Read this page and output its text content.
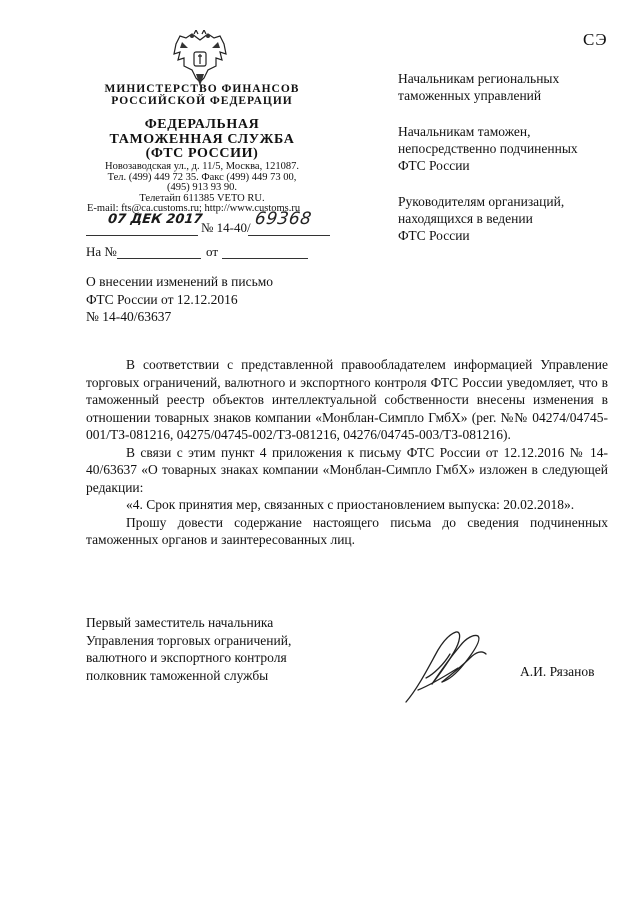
СЭ
МИНИСТЕРСТВО ФИНАНСОВ
РОССИЙСКОЙ ФЕДЕРАЦИИ
ФЕДЕРАЛЬНАЯ
ТАМОЖЕННАЯ СЛУЖБА
(ФТС РОССИИ)
Новозаводская ул., д. 11/5, Москва, 121087.
Тел. (499) 449 72 35. Факс (499) 449 73 00,
(495) 913 93 90.
Телетайп 611385 VETO RU.
E-mail: fts@ca.customs.ru; http://www.customs.ru
07 ДЕК 2017
№ 14-40/ 69368
На №	от

Начальникам региональных
таможенных управлений

Начальникам таможен,
непосредственно подчиненных
ФТС России

Руководителям организаций,
находящихся в ведении
ФТС России

О внесении изменений в письмо
ФТС России от 12.12.2016
№ 14-40/63637

В соответствии с представленной правообладателем информацией Управление торговых ограничений, валютного и экспортного контроля ФТС России уведомляет, что в таможенный реестр объектов интеллектуальной собственности внесены изменения в отношении товарных знаков компании «Монблан-Симпло ГмбХ» (рег. №№ 04274/04745-001/ТЗ-081216, 04275/04745-002/ТЗ-081216, 04276/04745-003/ТЗ-081216).

В связи с этим пункт 4 приложения к письму ФТС России от 12.12.2016 № 14-40/63637 «О товарных знаках компании «Монблан-Симпло ГмбХ» изложен в следующей редакции:

«4. Срок принятия мер, связанных с приостановлением выпуска: 20.02.2018».

Прошу довести содержание настоящего письма до сведения подчиненных таможенных органов и заинтересованных лиц.

Первый заместитель начальника
Управления торговых ограничений,
валютного и экспортного контроля
полковник таможенной службы	А.И. Рязанов
